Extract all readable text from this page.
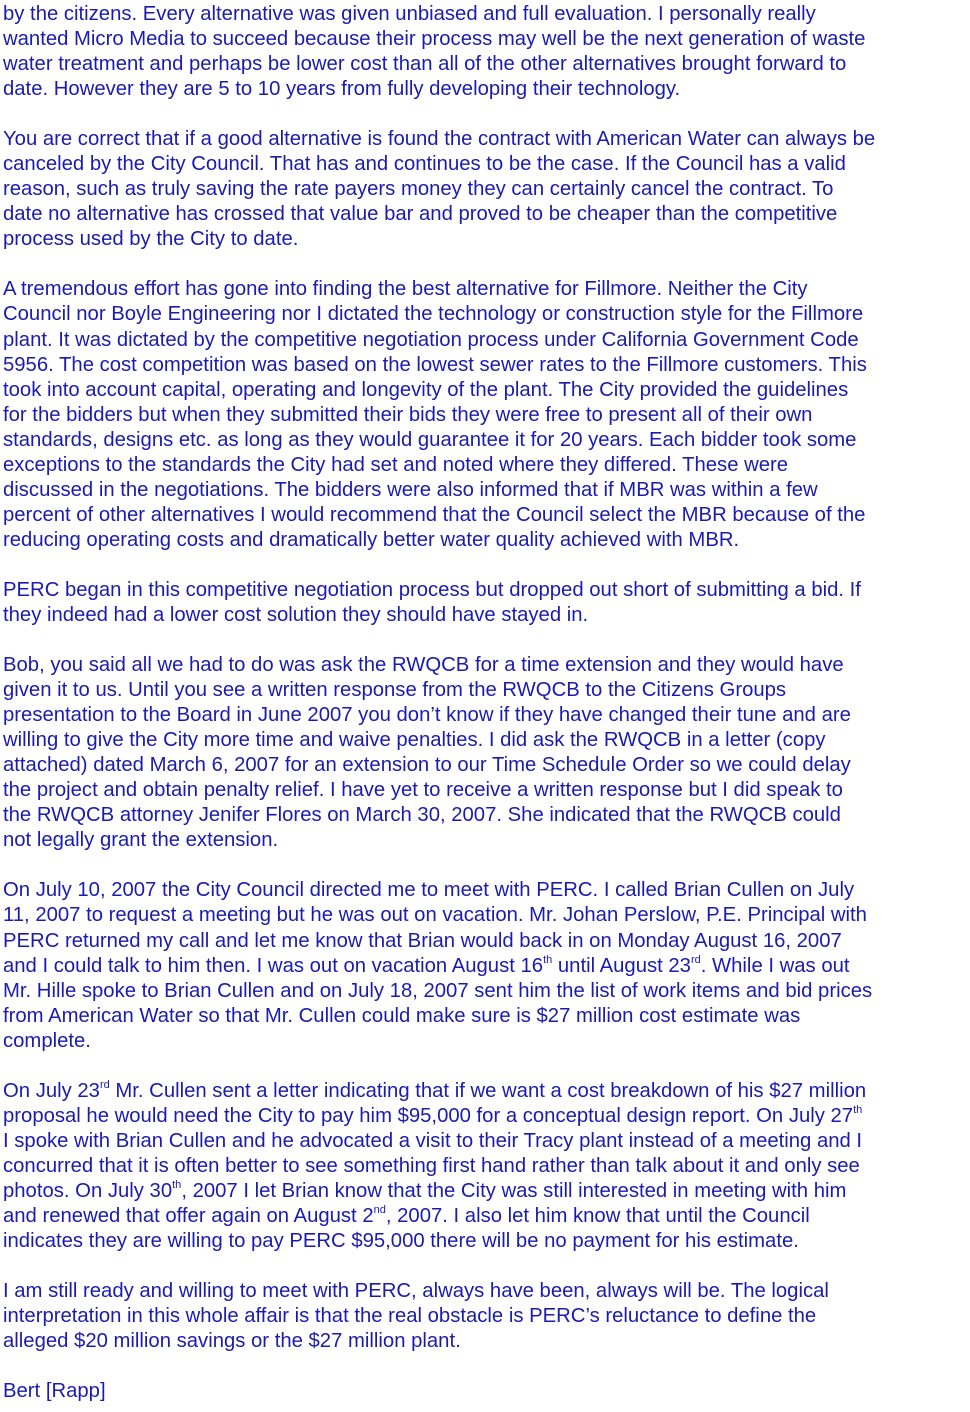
by the citizens. Every alternative was given unbiased and full evaluation. I personally really
wanted Micro Media to succeed because their process may well be the next generation of waste
water treatment and perhaps be lower cost than all of the other alternatives brought forward to
date. However they are 5 to 10 years from fully developing their technology.
You are correct that if a good alternative is found the contract with American Water can always be
canceled by the City Council. That has and continues to be the case. If the Council has a valid
reason, such as truly saving the rate payers money they can certainly cancel the contract. To
date no alternative has crossed that value bar and proved to be cheaper than the competitive
process used by the City to date.
A tremendous effort has gone into finding the best alternative for Fillmore. Neither the City
Council nor Boyle Engineering nor I dictated the technology or construction style for the Fillmore
plant. It was dictated by the competitive negotiation process under California Government Code
5956. The cost competition was based on the lowest sewer rates to the Fillmore customers. This
took into account capital, operating and longevity of the plant. The City provided the guidelines
for the bidders but when they submitted their bids they were free to present all of their own
standards, designs etc. as long as they would guarantee it for 20 years. Each bidder took some
exceptions to the standards the City had set and noted where they differed. These were
discussed in the negotiations. The bidders were also informed that if MBR was within a few
percent of other alternatives I would recommend that the Council select the MBR because of the
reducing operating costs and dramatically better water quality achieved with MBR.
PERC began in this competitive negotiation process but dropped out short of submitting a bid. If
they indeed had a lower cost solution they should have stayed in.
Bob, you said all we had to do was ask the RWQCB for a time extension and they would have
given it to us. Until you see a written response from the RWQCB to the Citizens Groups
presentation to the Board in June 2007 you don’t know if they have changed their tune and are
willing to give the City more time and waive penalties. I did ask the RWQCB in a letter (copy
attached) dated March 6, 2007 for an extension to our Time Schedule Order so we could delay
the project and obtain penalty relief. I have yet to receive a written response but I did speak to
the RWQCB attorney Jenifer Flores on March 30, 2007. She indicated that the RWQCB could
not legally grant the extension.
On July 10, 2007 the City Council directed me to meet with PERC. I called Brian Cullen on July
11, 2007 to request a meeting but he was out on vacation. Mr. Johan Perslow, P.E. Principal with
PERC returned my call and let me know that Brian would back in on Monday August 16, 2007
and I could talk to him then. I was out on vacation August 16th until August 23rd. While I was out
Mr. Hille spoke to Brian Cullen and on July 18, 2007 sent him the list of work items and bid prices
from American Water so that Mr. Cullen could make sure is $27 million cost estimate was
complete.
On July 23rd Mr. Cullen sent a letter indicating that if we want a cost breakdown of his $27 million
proposal he would need the City to pay him $95,000 for a conceptual design report. On July 27th
I spoke with Brian Cullen and he advocated a visit to their Tracy plant instead of a meeting and I
concurred that it is often better to see something first hand rather than talk about it and only see
photos. On July 30th, 2007 I let Brian know that the City was still interested in meeting with him
and renewed that offer again on August 2nd, 2007. I also let him know that until the Council
indicates they are willing to pay PERC $95,000 there will be no payment for his estimate.
I am still ready and willing to meet with PERC, always have been, always will be. The logical
interpretation in this whole affair is that the real obstacle is PERC’s reluctance to define the
alleged $20 million savings or the $27 million plant.
Bert [Rapp]
